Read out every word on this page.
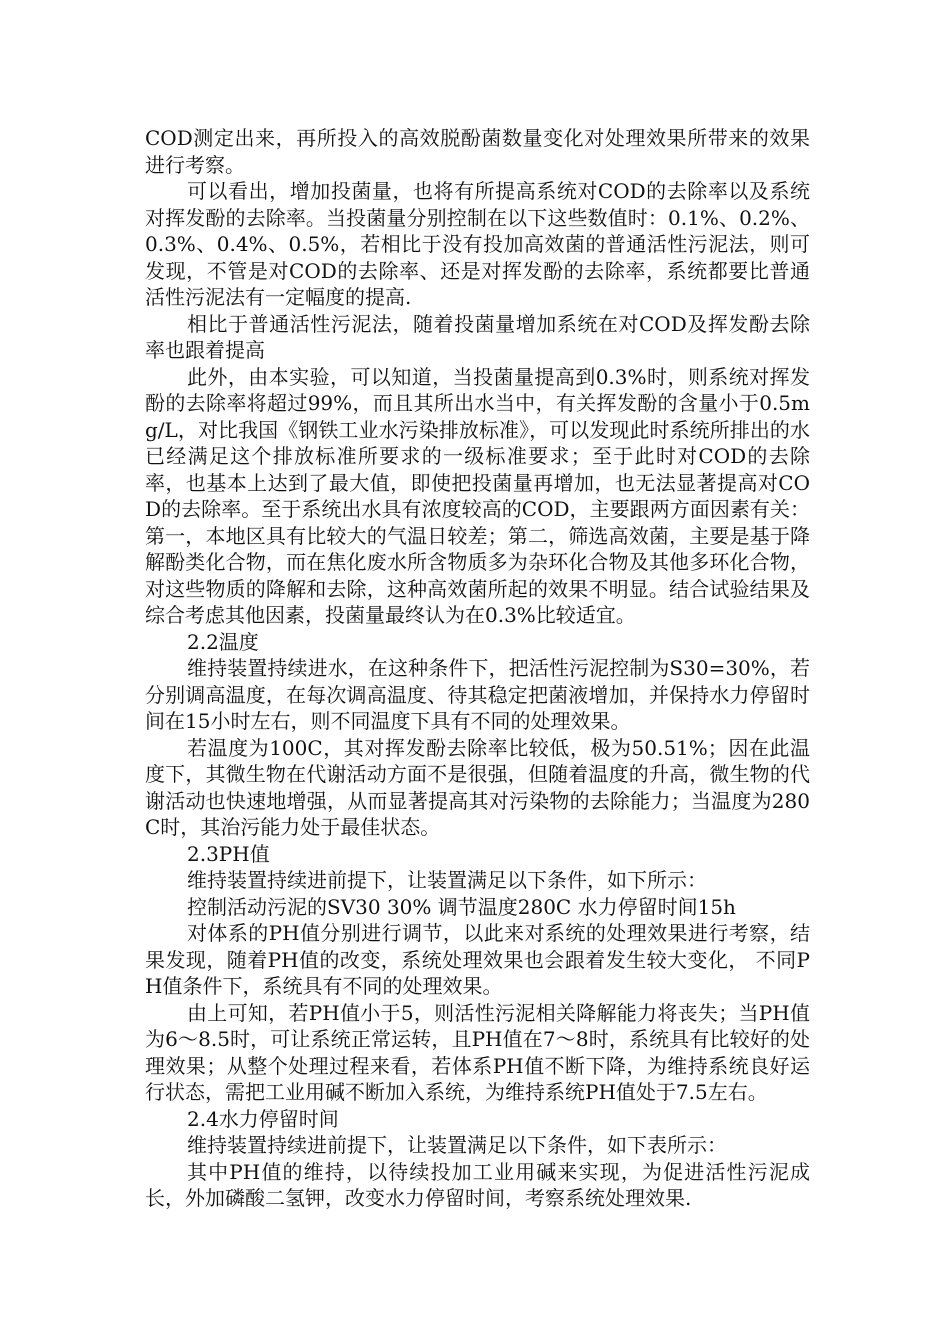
COD测定出来，再所投入的高效脱酚菌数量变化对处理效果所带来的效果进行考察。

可以看出，增加投菌量，也将有所提高系统对COD的去除率以及系统对挥发酚的去除率。当投菌量分别控制在以下这些数值时：0.1%、0.2%、0.3%、0.4%、0.5%，若相比于没有投加高效菌的普通活性污泥法，则可发现，不管是对COD的去除率、还是对挥发酚的去除率，系统都要比普通活性污泥法有一定幅度的提高.

相比于普通活性污泥法，随着投菌量增加系统在对COD及挥发酚去除率也跟着提高

此外，由本实验，可以知道，当投菌量提高到0.3%时，则系统对挥发酚的去除率将超过99%，而且其所出水当中，有关挥发酚的含量小于0.5mg/L，对比我国《钢铁工业水污染排放标准》，可以发现此时系统所排出的水已经满足这个排放标准所要求的一级标准要求；至于此时对COD的去除率，也基本上达到了最大值，即使把投菌量再增加，也无法显著提高对COD的去除率。至于系统出水具有浓度较高的COD，主要跟两方面因素有关：第一，本地区具有比较大的气温日较差；第二，筛选高效菌，主要是基于降解酚类化合物，而在焦化废水所含物质多为杂环化合物及其他多环化合物，对这些物质的降解和去除，这种高效菌所起的效果不明显。结合试验结果及综合考虑其他因素，投菌量最终认为在0.3%比较适宜。

2.2温度

维持装置持续进水，在这种条件下，把活性污泥控制为S30=30%，若分别调高温度，在每次调高温度、待其稳定把菌液增加，并保持水力停留时间在15小时左右，则不同温度下具有不同的处理效果。

若温度为100C，其对挥发酚去除率比较低，极为50.51%；因在此温度下，其微生物在代谢活动方面不是很强，但随着温度的升高，微生物的代谢活动也快速地增强，从而显著提高其对污染物的去除能力；当温度为280C时，其治污能力处于最佳状态。

2.3PH值

维持装置持续进前提下，让装置满足以下条件，如下所示：

控制活动污泥的SV30 30% 调节温度280C 水力停留时间15h

对体系的PH值分别进行调节，以此来对系统的处理效果进行考察，结果发现，随着PH值的改变，系统处理效果也会跟着发生较大变化， 不同PH值条件下，系统具有不同的处理效果。

由上可知，若PH值小于5，则活性污泥相关降解能力将丧失；当PH值为6～8.5时，可让系统正常运转，且PH值在7～8时，系统具有比较好的处理效果；从整个处理过程来看，若体系PH值不断下降，为维持系统良好运行状态，需把工业用碱不断加入系统，为维持系统PH值处于7.5左右。

2.4水力停留时间

维持装置持续进前提下，让装置满足以下条件，如下表所示：

其中PH值的维持，以待续投加工业用碱来实现，为促进活性污泥成长，外加磷酸二氢钾，改变水力停留时间，考察系统处理效果.
